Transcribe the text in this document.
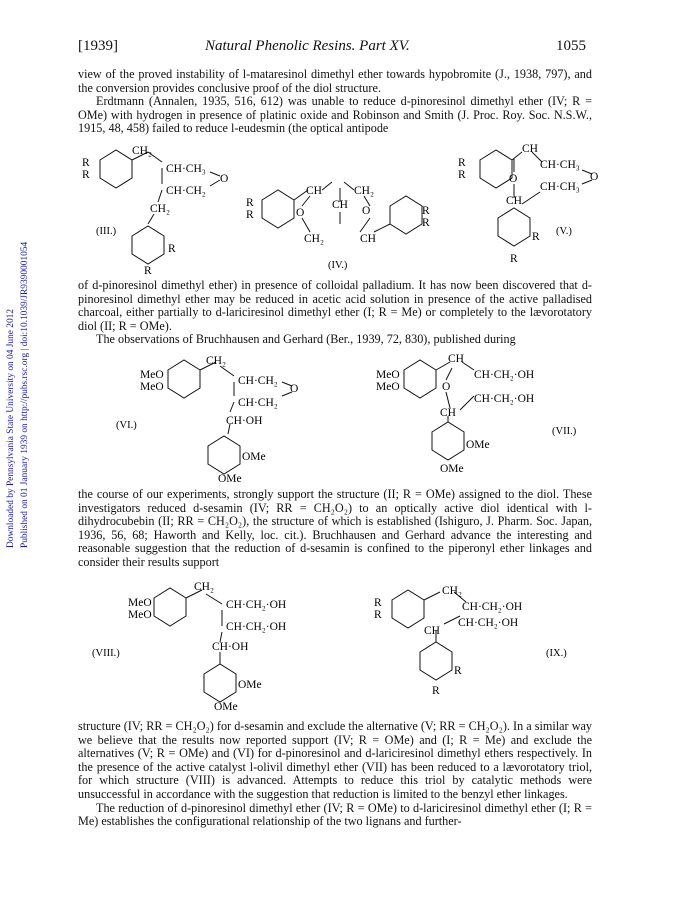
[1939]	Natural Phenolic Resins. Part XV.	1055
Downloaded by Pennsylvania State University on 04 June 2012 Published on 01 January 1939 on http://pubs.rsc.org | doi:10.1039/JR9390001054

view of the proved instability of l-mataresinol dimethyl ether towards hypobromite (J., 1938, 797), and the conversion provides conclusive proof of the diol structure.

Erdtmann (Annalen, 1935, 516, 612) was unable to reduce d-pinoresinol dimethyl ether (IV; R = OMe) with hydrogen in presence of platinic oxide and Robinson and Smith (J. Proc. Roy. Soc. N.S.W., 1915, 48, 458) failed to reduce l-eudesmin (the optical antipode

of d-pinoresinol dimethyl ether) in presence of colloidal palladium. It has now been discovered that d-pinoresinol dimethyl ether may be reduced in acetic acid solution in presence of the active palladised charcoal, either partially to d-lariciresinol dimethyl ether (I; R = Me) or completely to the lævorotatory diol (II; R = OMe).

The observations of Bruchhausen and Gerhard (Ber., 1939, 72, 830), published during

the course of our experiments, strongly support the structure (II; R = OMe) assigned to the diol. These investigators reduced d-sesamin (IV; RR = CH₂O₂) to an optically active diol identical with l-dihydrocubebin (II; RR = CH₂O₂), the structure of which is established (Ishiguro, J. Pharm. Soc. Japan, 1936, 56, 68; Haworth and Kelly, loc. cit.). Bruchhausen and Gerhard advance the interesting and reasonable suggestion that the reduction of d-sesamin is confined to the piperonyl ether linkages and consider their results support

structure (IV; RR = CH₂O₂) for d-sesamin and exclude the alternative (V; RR = CH₂O₂). In a similar way we believe that the results now reported support (IV; R = OMe) and (I; R = Me) and exclude the alternatives (V; R = OMe) and (VI) for d-pinoresinol and d-lariciresinol dimethyl ethers respectively. In the presence of the active catalyst l-olivil dimethyl ether (VII) has been reduced to a lævorotatory triol, for which structure (VIII) is advanced. Attempts to reduce this triol by catalytic methods were unsuccessful in accordance with the suggestion that reduction is limited to the benzyl ether linkages.

The reduction of d-pinoresinol dimethyl ether (IV; R = OMe) to d-lariciresinol dimethyl ether (I; R = Me) establishes the configurational relationship of the two lignans and further-

R
R
CH₂
CH·CH₃
O
CH·CH₂
CH₂
R
R
(III.)
R
R
CH
CH
CH₂
O	O
CH₂	CH
R
R
(IV.)
R
R
CH
CH·CH₃
O
O
CH·CH₃
CH
R
R
(V.)
MeO
MeO
CH₂
CH·CH₂
O
CH·CH₂
CH·OH
OMe
OMe
(VI.)
MeO
MeO
CH
CH·CH₂·OH
O
CH·CH₂·OH
CH
OMe
OMe
(VII.)
MeO
MeO
CH₂
CH·CH₂·OH
CH·CH₂·OH
CH·OH
OMe
OMe
(VIII.)
R
R
CH₂
CH·CH₂·OH
CH·CH₂·OH
CH
R
R
(IX.)
